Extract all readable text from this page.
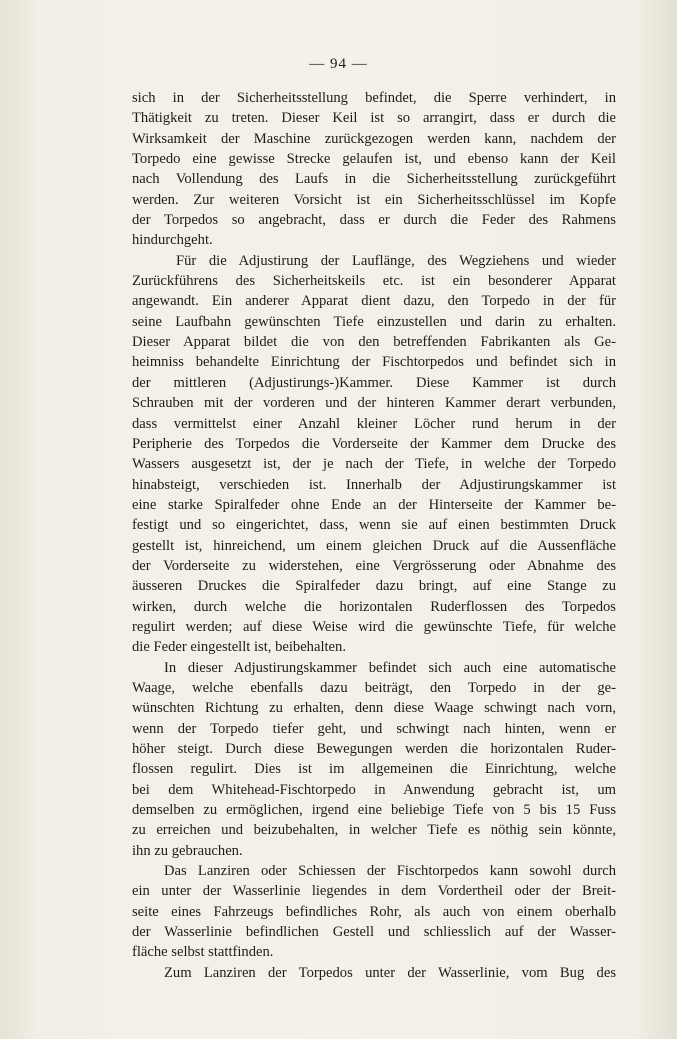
— 94 —
sich in der Sicherheitsstellung befindet, die Sperre verhindert, in
Thätigkeit zu treten. Dieser Keil ist so arrangirt, dass er durch die
Wirksamkeit der Maschine zurückgezogen werden kann, nachdem der
Torpedo eine gewisse Strecke gelaufen ist, und ebenso kann der Keil
nach Vollendung des Laufs in die Sicherheitsstellung zurückgeführt
werden. Zur weiteren Vorsicht ist ein Sicherheitsschlüssel im Kopfe
der Torpedos so angebracht, dass er durch die Feder des Rahmens
hindurchgeht.
Für die Adjustirung der Lauflänge, des Wegziehens und wieder
Zurückführens des Sicherheitskeils etc. ist ein besonderer Apparat
angewandt. Ein anderer Apparat dient dazu, den Torpedo in der für
seine Laufbahn gewünschten Tiefe einzustellen und darin zu erhalten.
Dieser Apparat bildet die von den betreffenden Fabrikanten als Ge-
heimniss behandelte Einrichtung der Fischtorpedos und befindet sich in
der mittleren (Adjustirungs-)Kammer. Diese Kammer ist durch
Schrauben mit der vorderen und der hinteren Kammer derart verbunden,
dass vermittelst einer Anzahl kleiner Löcher rund herum in der
Peripherie des Torpedos die Vorderseite der Kammer dem Drucke des
Wassers ausgesetzt ist, der je nach der Tiefe, in welche der Torpedo
hinabsteigt, verschieden ist. Innerhalb der Adjustirungskammer ist
eine starke Spiralfeder ohne Ende an der Hinterseite der Kammer be-
festigt und so eingerichtet, dass, wenn sie auf einen bestimmten Druck
gestellt ist, hinreichend, um einem gleichen Druck auf die Aussenfläche
der Vorderseite zu widerstehen, eine Vergrösserung oder Abnahme des
äusseren Druckes die Spiralfeder dazu bringt, auf eine Stange zu
wirken, durch welche die horizontalen Ruderflossen des Torpedos
regulirt werden; auf diese Weise wird die gewünschte Tiefe, für welche
die Feder eingestellt ist, beibehalten.
In dieser Adjustirungskammer befindet sich auch eine automatische
Waage, welche ebenfalls dazu beiträgt, den Torpedo in der ge-
wünschten Richtung zu erhalten, denn diese Waage schwingt nach vorn,
wenn der Torpedo tiefer geht, und schwingt nach hinten, wenn er
höher steigt. Durch diese Bewegungen werden die horizontalen Ruder-
flossen regulirt. Dies ist im allgemeinen die Einrichtung, welche
bei dem Whitehead-Fischtorpedo in Anwendung gebracht ist, um
demselben zu ermöglichen, irgend eine beliebige Tiefe von 5 bis 15 Fuss
zu erreichen und beizubehalten, in welcher Tiefe es nöthig sein könnte,
ihn zu gebrauchen.
Das Lanziren oder Schiessen der Fischtorpedos kann sowohl durch
ein unter der Wasserlinie liegendes in dem Vordertheil oder der Breit-
seite eines Fahrzeugs befindliches Rohr, als auch von einem oberhalb
der Wasserlinie befindlichen Gestell und schliesslich auf der Wasser-
fläche selbst stattfinden.
Zum Lanziren der Torpedos unter der Wasserlinie, vom Bug des
